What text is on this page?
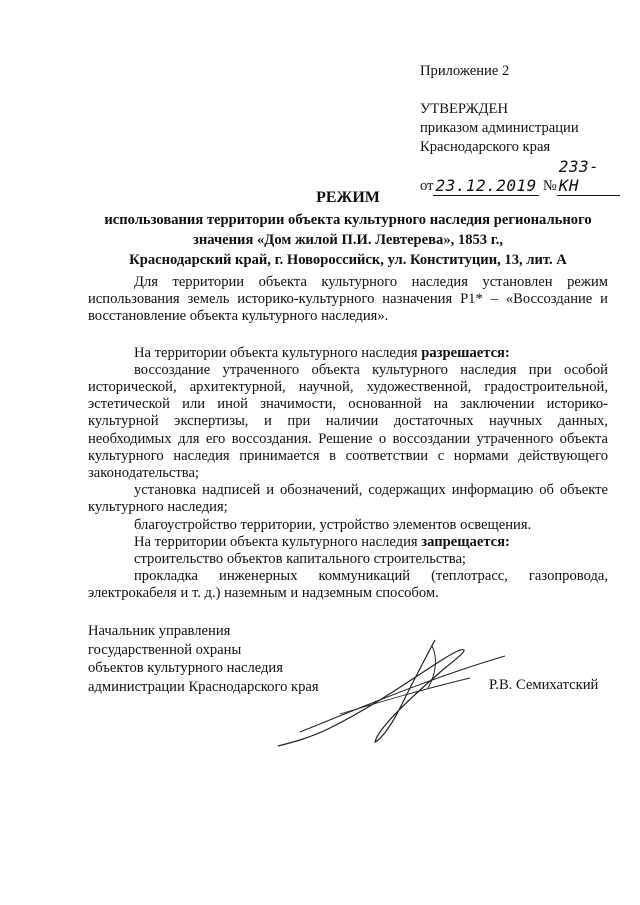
Приложение 2
УТВЕРЖДЕН
приказом администрации
Краснодарского края
от 23.12.2019 №
233-КН
РЕЖИМ
использования территории объекта культурного наследия регионального
значения «Дом жилой П.И. Левтерева», 1853 г.,
Краснодарский край, г. Новороссийск, ул. Конституции, 13, лит. А

Для территории объекта культурного наследия установлен режим использования земель историко-культурного назначения Р1* – «Воссоздание и восстановление объекта культурного наследия».

На территории объекта культурного наследия разрешается:

воссоздание утраченного объекта культурного наследия при особой исторической, архитектурной, научной, художественной, градостроительной, эстетической или иной значимости, основанной на заключении историко-культурной экспертизы, и при наличии достаточных научных данных, необходимых для его воссоздания. Решение о воссоздании утраченного объекта культурного наследия принимается в соответствии с нормами действующего законодательства;

установка надписей и обозначений, содержащих информацию об объекте культурного наследия;

благоустройство территории, устройство элементов освещения.

На территории объекта культурного наследия запрещается:

строительство объектов капитального строительства;

прокладка инженерных коммуникаций (теплотрасс, газопровода, электрокабеля и т. д.) наземным и надземным способом.

Начальник управления
государственной охраны
объектов культурного наследия
администрации Краснодарского края	Р.В. Семихатский
